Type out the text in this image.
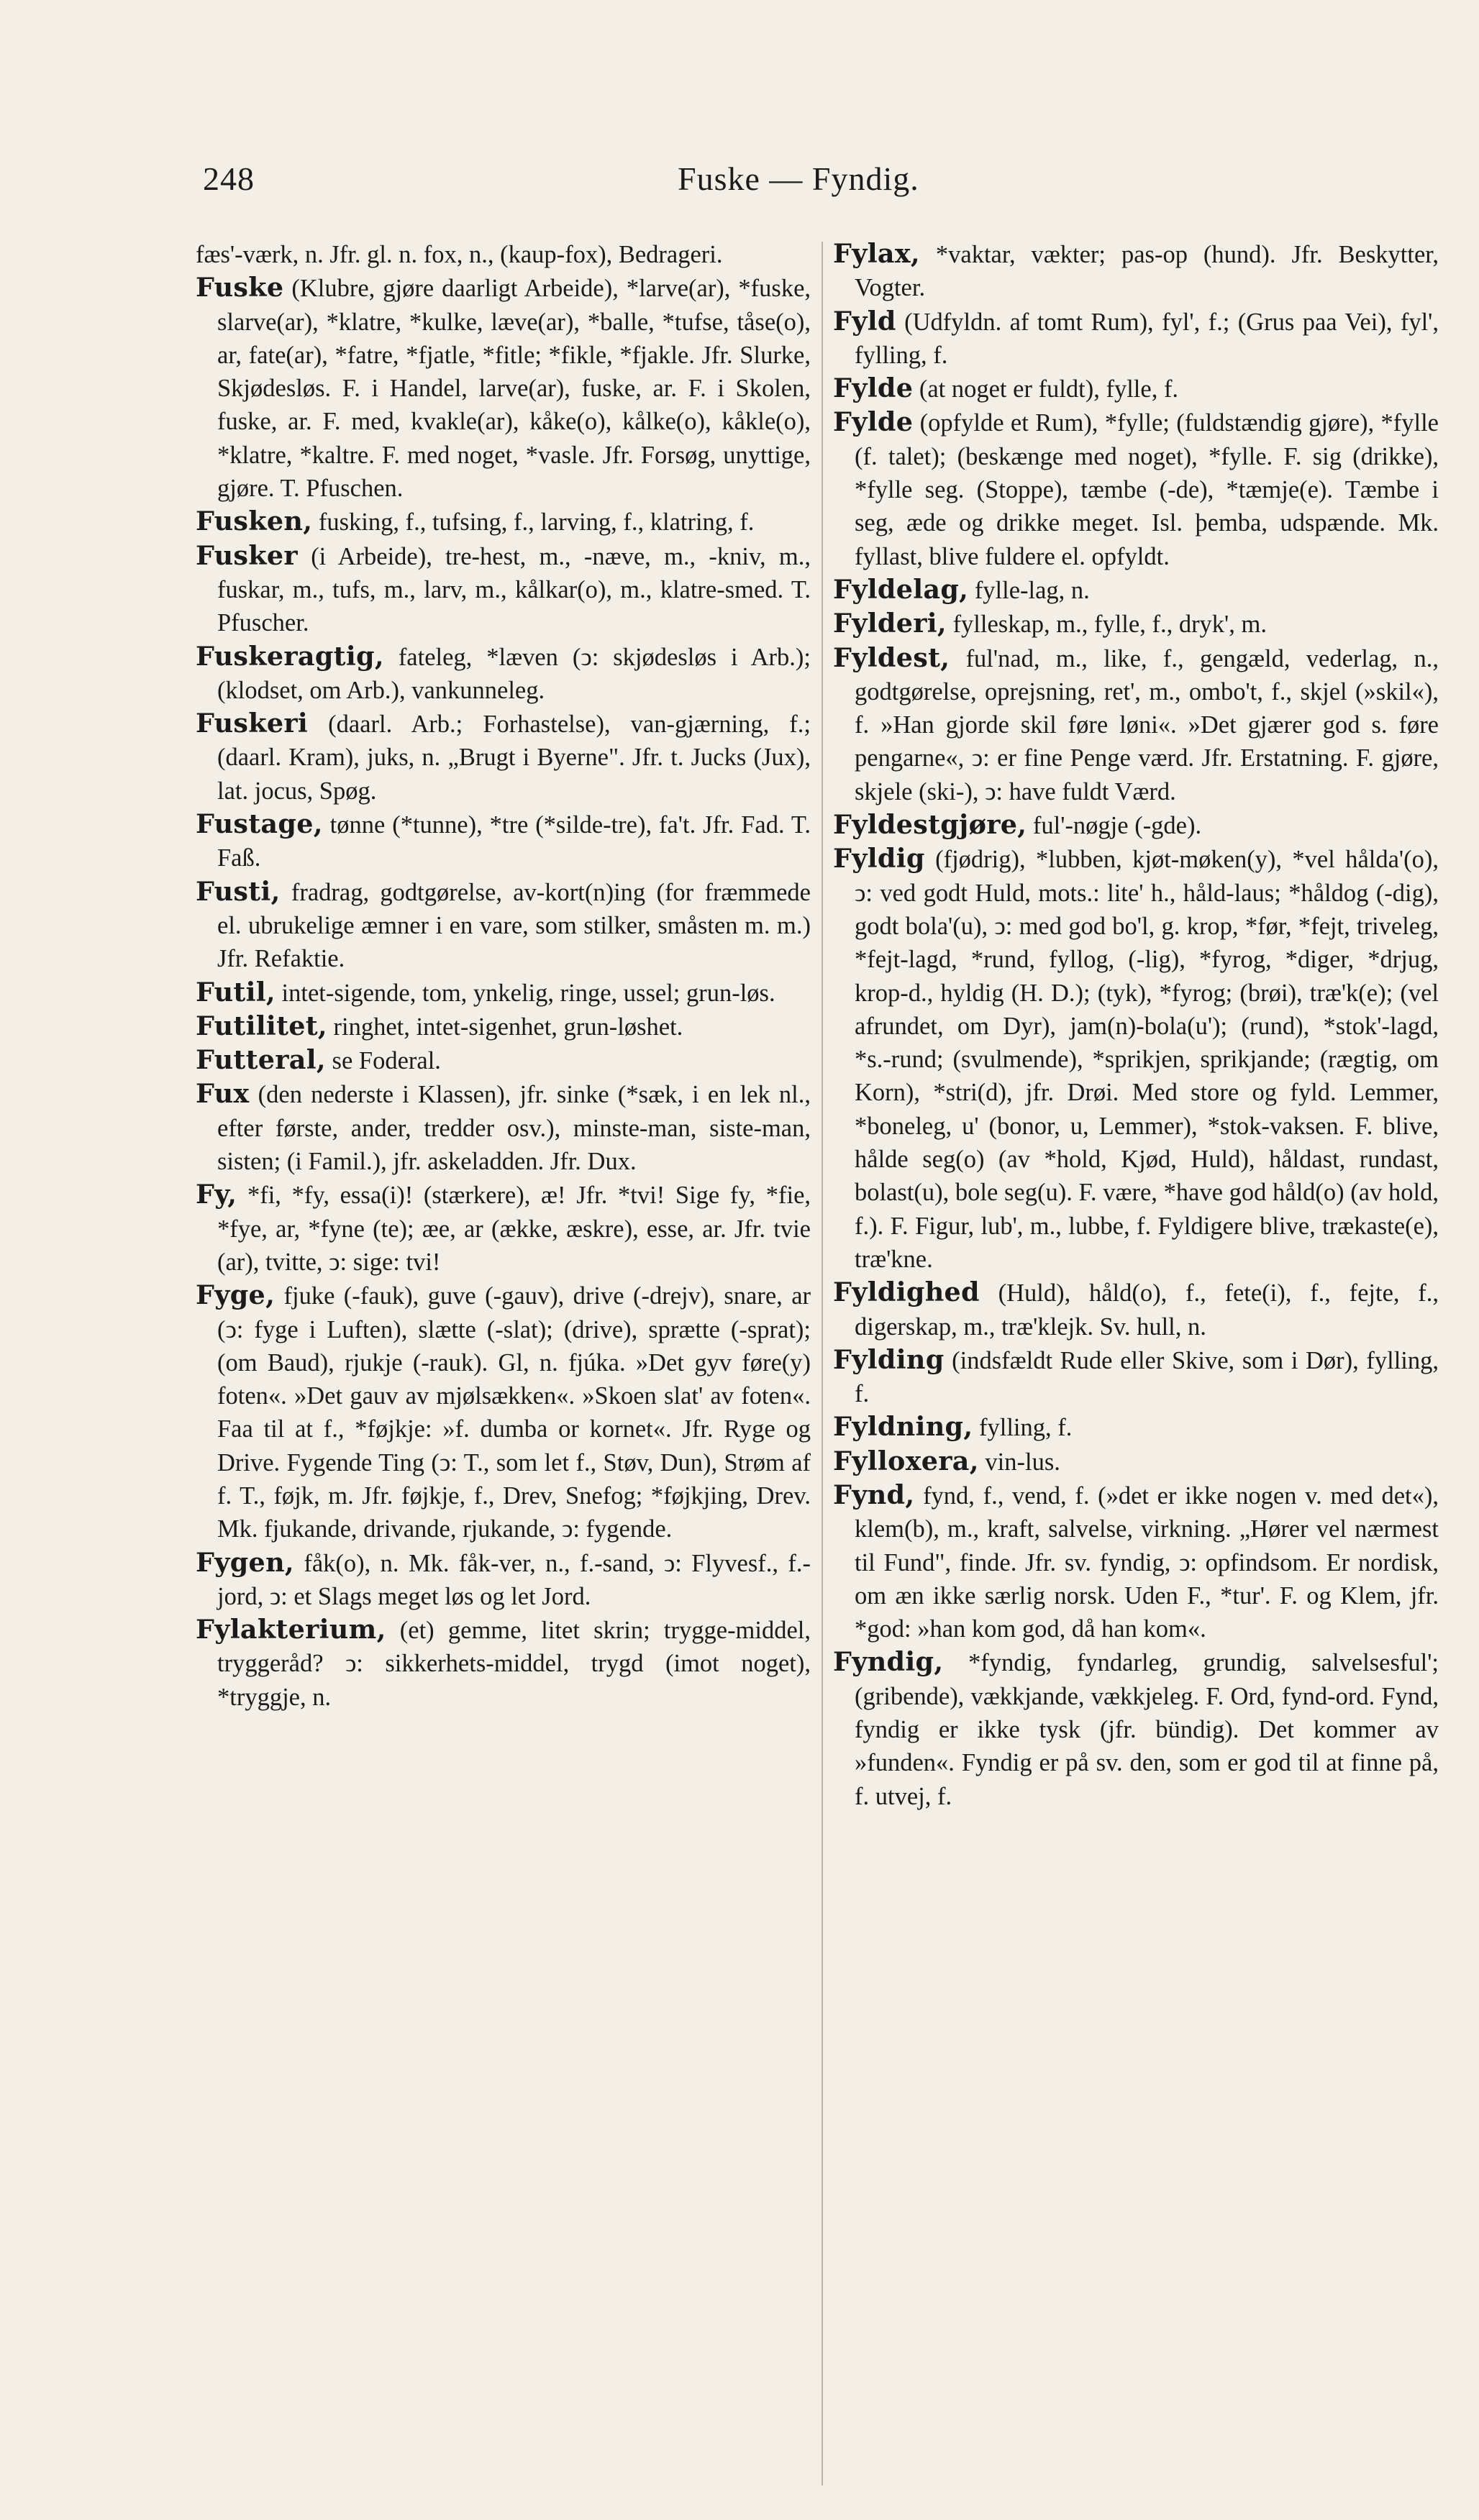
248	Fuske — Fyndig.

fæs'-værk, n. Jfr. gl. n. fox, n., (kaup-fox), Bedrageri.

Fuske (Klubre, gjøre daarligt Arbeide), *larve(ar), *fuske, slarve(ar), *klatre, *kulke, læve(ar), *balle, *tufse, tåse(o), ar, fate(ar), *fatre, *fjatle, *fitle; *fikle, *fjakle. Jfr. Slurke, Skjødesløs. F. i Handel, larve(ar), fuske, ar. F. i Skolen, fuske, ar. F. med, kvakle(ar), kåke(o), kålke(o), kåkle(o), *klatre, *kaltre. F. med noget, *vasle. Jfr. Forsøg, unyttige, gjøre. T. Pfuschen.

Fusken, fusking, f., tufsing, f., larving, f., klatring, f.

Fusker (i Arbeide), tre-hest, m., -næve, m., -kniv, m., fuskar, m., tufs, m., larv, m., kålkar(o), m., klatre-smed. T. Pfuscher.

Fuskeragtig, fateleg, *læven (ↄ: skjødesløs i Arb.); (klodset, om Arb.), vankunneleg.

Fuskeri (daarl. Arb.; Forhastelse), van-gjærning, f.; (daarl. Kram), juks, n. „Brugt i Byerne". Jfr. t. Jucks (Jux), lat. jocus, Spøg.

Fustage, tønne (*tunne), *tre (*silde-tre), fa't. Jfr. Fad. T. Faß.

Fusti, fradrag, godtgørelse, av-kort(n)ing (for fræmmede el. ubrukelige æmner i en vare, som stilker, småsten m. m.) Jfr. Refaktie.

Futil, intet-sigende, tom, ynkelig, ringe, ussel; grun-løs.

Futilitet, ringhet, intet-sigenhet, grun-løshet.

Futteral, se Foderal.

Fux (den nederste i Klassen), jfr. sinke (*sæk, i en lek nl., efter første, ander, tredder osv.), minste-man, siste-man, sisten; (i Famil.), jfr. askeladden. Jfr. Dux.

Fy, *fi, *fy, essa(i)! (stærkere), æ! Jfr. *tvi! Sige fy, *fie, *fye, ar, *fyne (te); æe, ar (ække, æskre), esse, ar. Jfr. tvie (ar), tvitte, ↄ: sige: tvi!

Fyge, fjuke (-fauk), guve (-gauv), drive (-drejv), snare, ar (ↄ: fyge i Luften), slætte (-slat); (drive), sprætte (-sprat); (om Baud), rjukje (-rauk). Gl, n. fjúka. »Det gyv føre(y) foten«. »Det gauv av mjølsækken«. »Skoen slat' av foten«. Faa til at f., *føjkje: »f. dumba or kornet«. Jfr. Ryge og Drive. Fygende Ting (ↄ: T., som let f., Støv, Dun), Strøm af f. T., føjk, m. Jfr. føjkje, f., Drev, Snefog; *føjkjing, Drev. Mk. fjukande, drivande, rjukande, ↄ: fygende.

Fygen, fåk(o), n. Mk. fåk-ver, n., f.-sand, ↄ: Flyvesf., f.-jord, ↄ: et Slags meget løs og let Jord.

Fylakterium, (et) gemme, litet skrin; trygge-middel, tryggeråd? ↄ: sikkerhets-middel, trygd (imot noget), *tryggje, n.

Fylax, *vaktar, vækter; pas-op (hund). Jfr. Beskytter, Vogter.

Fyld (Udfyldn. af tomt Rum), fyl', f.; (Grus paa Vei), fyl', fylling, f.

Fylde (at noget er fuldt), fylle, f.

Fylde (opfylde et Rum), *fylle; (fuldstændig gjøre), *fylle (f. talet); (beskænge med noget), *fylle. F. sig (drikke), *fylle seg. (Stoppe), tæmbe (-de), *tæmje(e). Tæmbe i seg, æde og drikke meget. Isl. þemba, udspænde. Mk. fyllast, blive fuldere el. opfyldt.

Fyldelag, fylle-lag, n.

Fylderi, fylleskap, m., fylle, f., dryk', m.

Fyldest, ful'nad, m., like, f., gengæld, vederlag, n., godtgørelse, oprejsning, ret', m., ombo't, f., skjel (»skil«), f. »Han gjorde skil føre løni«. »Det gjærer god s. føre pengarne«, ↄ: er fine Penge værd. Jfr. Erstatning. F. gjøre, skjele (ski-), ↄ: have fuldt Værd.

Fyldestgjøre, ful'-nøgje (-gde).

Fyldig (fjødrig), *lubben, kjøt-møken(y), *vel hålda'(o), ↄ: ved godt Huld, mots.: lite' h., håld-laus; *håldog (-dig), godt bola'(u), ↄ: med god bo'l, g. krop, *før, *fejt, triveleg, *fejt-lagd, *rund, fyllog, (-lig), *fyrog, *diger, *drjug, krop-d., hyldig (H. D.); (tyk), *fyrog; (brøi), træ'k(e); (vel afrundet, om Dyr), jam(n)-bola(u'); (rund), *stok'-lagd, *s.-rund; (svulmende), *sprikjen, sprikjande; (rægtig, om Korn), *stri(d), jfr. Drøi. Med store og fyld. Lemmer, *boneleg, u' (bonor, u, Lemmer), *stok-vaksen. F. blive, hålde seg(o) (av *hold, Kjød, Huld), håldast, rundast, bolast(u), bole seg(u). F. være, *have god håld(o) (av hold, f.). F. Figur, lub', m., lubbe, f. Fyldigere blive, trækaste(e), træ'kne.

Fyldighed (Huld), håld(o), f., fete(i), f., fejte, f., digerskap, m., træ'klejk. Sv. hull, n.

Fylding (indsfældt Rude eller Skive, som i Dør), fylling, f.

Fyldning, fylling, f.

Fylloxera, vin-lus.

Fynd, fynd, f., vend, f. (»det er ikke nogen v. med det«), klem(b), m., kraft, salvelse, virkning. „Hører vel nærmest til Fund", finde. Jfr. sv. fyndig, ↄ: opfindsom. Er nordisk, om æn ikke særlig norsk. Uden F., *tur'. F. og Klem, jfr. *god: »han kom god, då han kom«.

Fyndig, *fyndig, fyndarleg, grundig, salvelsesful'; (gribende), vækkjande, vækkjeleg. F. Ord, fynd-ord. Fynd, fyndig er ikke tysk (jfr. bündig). Det kommer av »funden«. Fyndig er på sv. den, som er god til at finne på, f. utvej, f.
